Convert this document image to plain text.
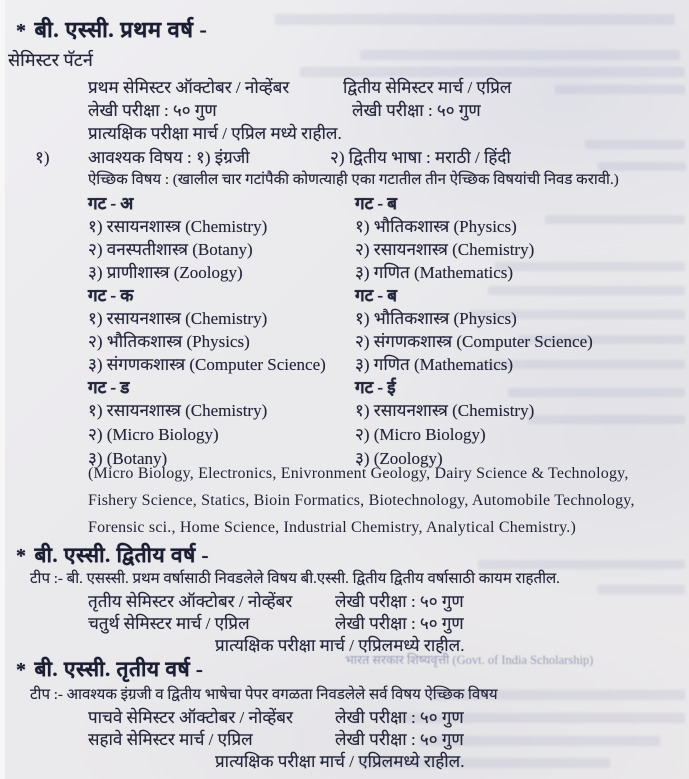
* बी. एस्सी. प्रथम वर्ष -
सेमिस्टर पॅटर्न
प्रथम सेमिस्टर ऑक्टोबर / नोव्हेंबर	द्वितीय सेमिस्टर मार्च / एप्रिल
लेखी परीक्षा : ५० गुण	लेखी परीक्षा : ५० गुण
प्रात्यक्षिक परीक्षा मार्च / एप्रिल मध्ये राहील.
१) आवश्यक विषय : १) इंग्रजी	२) द्वितीय भाषा : मराठी / हिंदी
ऐच्छिक विषय : (खालील चार गटांपैकी कोणत्याही एका गटातील तीन ऐच्छिक विषयांची निवड करावी.)
गट - अ	गट - ब
१) रसायनशास्त्र (Chemistry)	१) भौतिकशास्त्र (Physics)
२) वनस्पतीशास्त्र (Botany)	२) रसायनशास्त्र (Chemistry)
३) प्राणीशास्त्र (Zoology)	३) गणित (Mathematics)
गट - क	गट - ब
१) रसायनशास्त्र (Chemistry)	१) भौतिकशास्त्र (Physics)
२) भौतिकशास्त्र (Physics)	२) संगणकशास्त्र (Computer Science)
३) संगणकशास्त्र (Computer Science) ३) गणित (Mathematics)
गट - ड	गट - ई
१) रसायनशास्त्र (Chemistry)	१) रसायनशास्त्र (Chemistry)
२) (Micro Biology)	२) (Micro Biology)
३) (Botany)	३) (Zoology)
(Micro Biology, Electronics, Enivronment Geology, Dairy Science & Technology,
Fishery Science, Statics, Bioin Formatics, Biotechnology, Automobile Technology,
Forensic sci., Home Science, Industrial Chemistry, Analytical Chemistry.)
* बी. एस्सी. द्वितीय वर्ष -
टीप :- बी. एसस्सी. प्रथम वर्षासाठी निवडलेले विषय बी.एस्सी. द्वितीय द्वितीय वर्षासाठी कायम राहतील.
तृतीय सेमिस्टर ऑक्टोबर / नोव्हेंबर	लेखी परीक्षा : ५० गुण
चतुर्थ सेमिस्टर मार्च / एप्रिल	लेखी परीक्षा : ५० गुण
प्रात्यक्षिक परीक्षा मार्च / एप्रिलमध्ये राहील.
भारत सरकार शिष्यवृत्ती (Govt. of India Scholarship)
* बी. एस्सी. तृतीय वर्ष -
टीप :- आवश्यक इंग्रजी व द्वितीय भाषेचा पेपर वगळता निवडलेले सर्व विषय ऐच्छिक विषय
पाचवे सेमिस्टर ऑक्टोबर / नोव्हेंबर लेखी परीक्षा : ५० गुण
सहावे सेमिस्टर मार्च / एप्रिल	लेखी परीक्षा : ५० गुण
प्रात्यक्षिक परीक्षा मार्च / एप्रिलमध्ये राहील.
